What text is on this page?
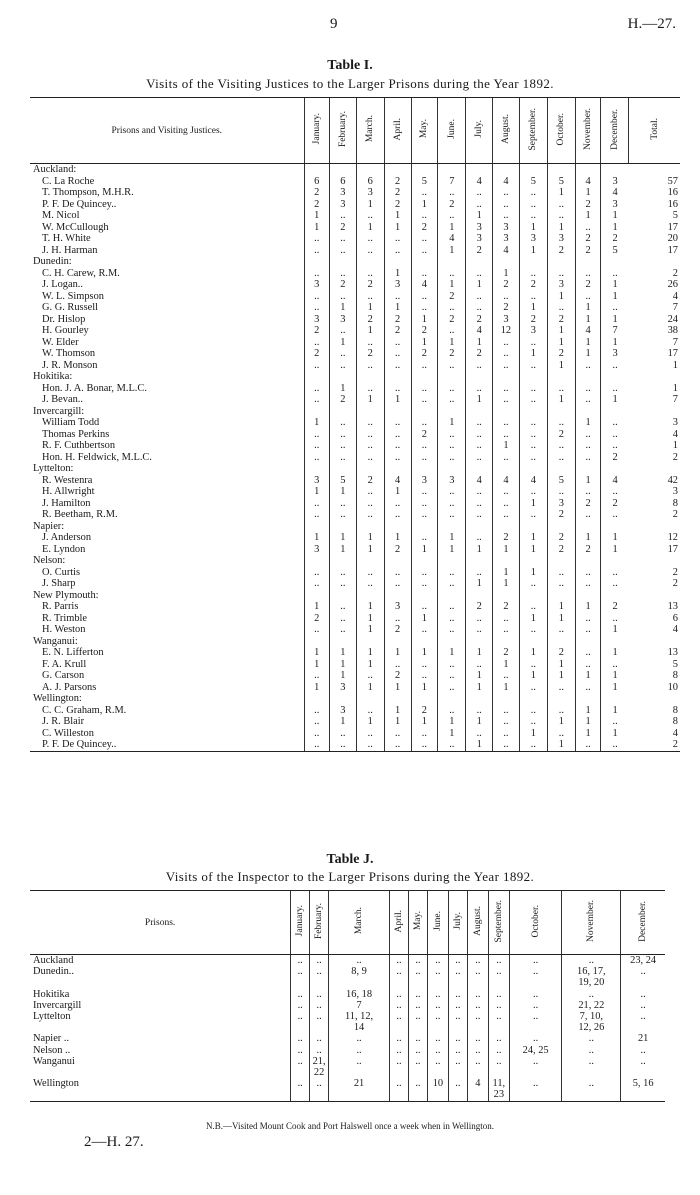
9	H.—27.
Table I.
Visits of the Visiting Justices to the Larger Prisons during the Year 1892.
Prisons and Visiting Justices.	January.	February.	March.	April.	May.	June.	July.	August.	September.	October.	November.	December.	Total.
Auckland:													
C. La Roche	6	6	6	2	5	7	4	4	5	5	4	3	57
T. Thompson, M.H.R.	2	3	3	2	..	..	..	..	..	1	1	4	16
P. F. De Quincey..	2	3	1	2	1	2	..	..	..	..	2	3	16
M. Nicol	1	..	..	1	..	..	1	..	..	..	1	1	5
W. McCullough	1	2	1	1	2	1	3	3	1	1	..	1	17
T. H. White	..	..	..	..	..	4	3	3	3	3	2	2	20
J. H. Harman	..	..	..	..	..	1	2	4	1	2	2	5	17
Dunedin:													
C. H. Carew, R.M.	..	..	..	1	..	..	..	1	..	..	..	..	2
J. Logan..	3	2	2	3	4	1	1	2	2	3	2	1	26
W. L. Simpson	..	..	..	..	..	2	..	..	..	1	..	1	4
G. G. Russell	..	1	1	1	..	..	..	2	1	..	1	..	7
Dr. Hislop	3	3	2	2	1	2	2	3	2	2	1	1	24
H. Gourley	2	..	1	2	2	..	4	12	3	1	4	7	38
W. Elder	..	1	..	..	1	1	1	..	..	1	1	1	7
W. Thomson	2	..	2	..	2	2	2	..	1	2	1	3	17
J. R. Monson	..	..	..	..	..	..	..	..	..	1	..	..	1
Hokitika:													
Hon. J. A. Bonar, M.L.C.	..	1	..	..	..	..	..	..	..	..	..	..	1
J. Bevan..	..	2	1	1	..	..	1	..	..	1	..	1	7
Invercargill:													
William Todd	1	..	..	..	..	1	..	..	..	..	1	..	3
Thomas Perkins	..	..	..	..	2	..	..	..	..	2	..	..	4
R. F. Cuthbertson	..	..	..	..	..	..	..	1	..	..	..	..	1
Hon. H. Feldwick, M.L.C.	..	..	..	..	..	..	..	..	..	..	..	2	2
Lyttelton:													
R. Westenra	3	5	2	4	3	3	4	4	4	5	1	4	42
H. Allwright	1	1	..	1	..	..	..	..	..	..	..	..	3
J. Hamilton	..	..	..	..	..	..	..	..	1	3	2	2	8
R. Beetham, R.M.	..	..	..	..	..	..	..	..	..	2	..	..	2
Napier:													
J. Anderson	1	1	1	1	..	1	..	2	1	2	1	1	12
E. Lyndon	3	1	1	2	1	1	1	1	1	2	2	1	17
Nelson:													
O. Curtis	..	..	..	..	..	..	..	1	1	..	..	..	2
J. Sharp	..	..	..	..	..	..	1	1	..	..	..	..	2
New Plymouth:													
R. Parris	1	..	1	3	..	..	2	2	..	1	1	2	13
R. Trimble	2	..	1	..	1	..	..	..	1	1	..	..	6
H. Weston	..	..	1	2	..	..	..	..	..	..	..	1	4
Wanganui:													
E. N. Lifferton	1	1	1	1	1	1	1	2	1	2	..	1	13
F. A. Krull	1	1	1	..	..	..	..	1	..	1	..	..	5
G. Carson	..	1	..	2	..	..	1	..	1	1	1	1	8
A. J. Parsons	1	3	1	1	1	..	1	1	..	..	..	1	10
Wellington:													
C. C. Graham, R.M.	..	3	..	1	2	..	..	..	..	..	1	1	8
J. R. Blair	..	1	1	1	1	1	1	..	..	1	1	..	8
C. Willeston	..	..	..	..	..	1	..	..	1	..	1	1	4
P. F. De Quincey..	..	..	..	..	..	..	1	..	..	1	..	..	2
Table J.
Visits of the Inspector to the Larger Prisons during the Year 1892.
Prisons.	January.	February.	March.	April.	May.	June.	July.	August.	September.	October.	November.	December.
Auckland	..	..	..	..	..	..	..	..	..	..	..	23, 24
Dunedin..	..	..	8, 9	..	..	..	..	..	..	..	16, 17,	..
											19, 20	
Hokitika	..	..	16, 18	..	..	..	..	..	..	..	..	..
Invercargill	..	..	7	..	..	..	..	..	..	..	21, 22	..
Lyttelton	..	..	11, 12,	..	..	..	..	..	..	..	7, 10,	..
			14								12, 26	
Napier ..	..	..	..	..	..	..	..	..	..	..	..	21
Nelson ..	..	..	..	..	..	..	..	..	..	24, 25	..	..
Wanganui	..	21,	..	..	..	..	..	..	..	..	..	..
		22										
Wellington	..	..	21	..	..	10	..	4	11,	..	..	5, 16
									23			
N.B.—Visited Mount Cook and Port Halswell once a week when in Wellington.
2—H. 27.
